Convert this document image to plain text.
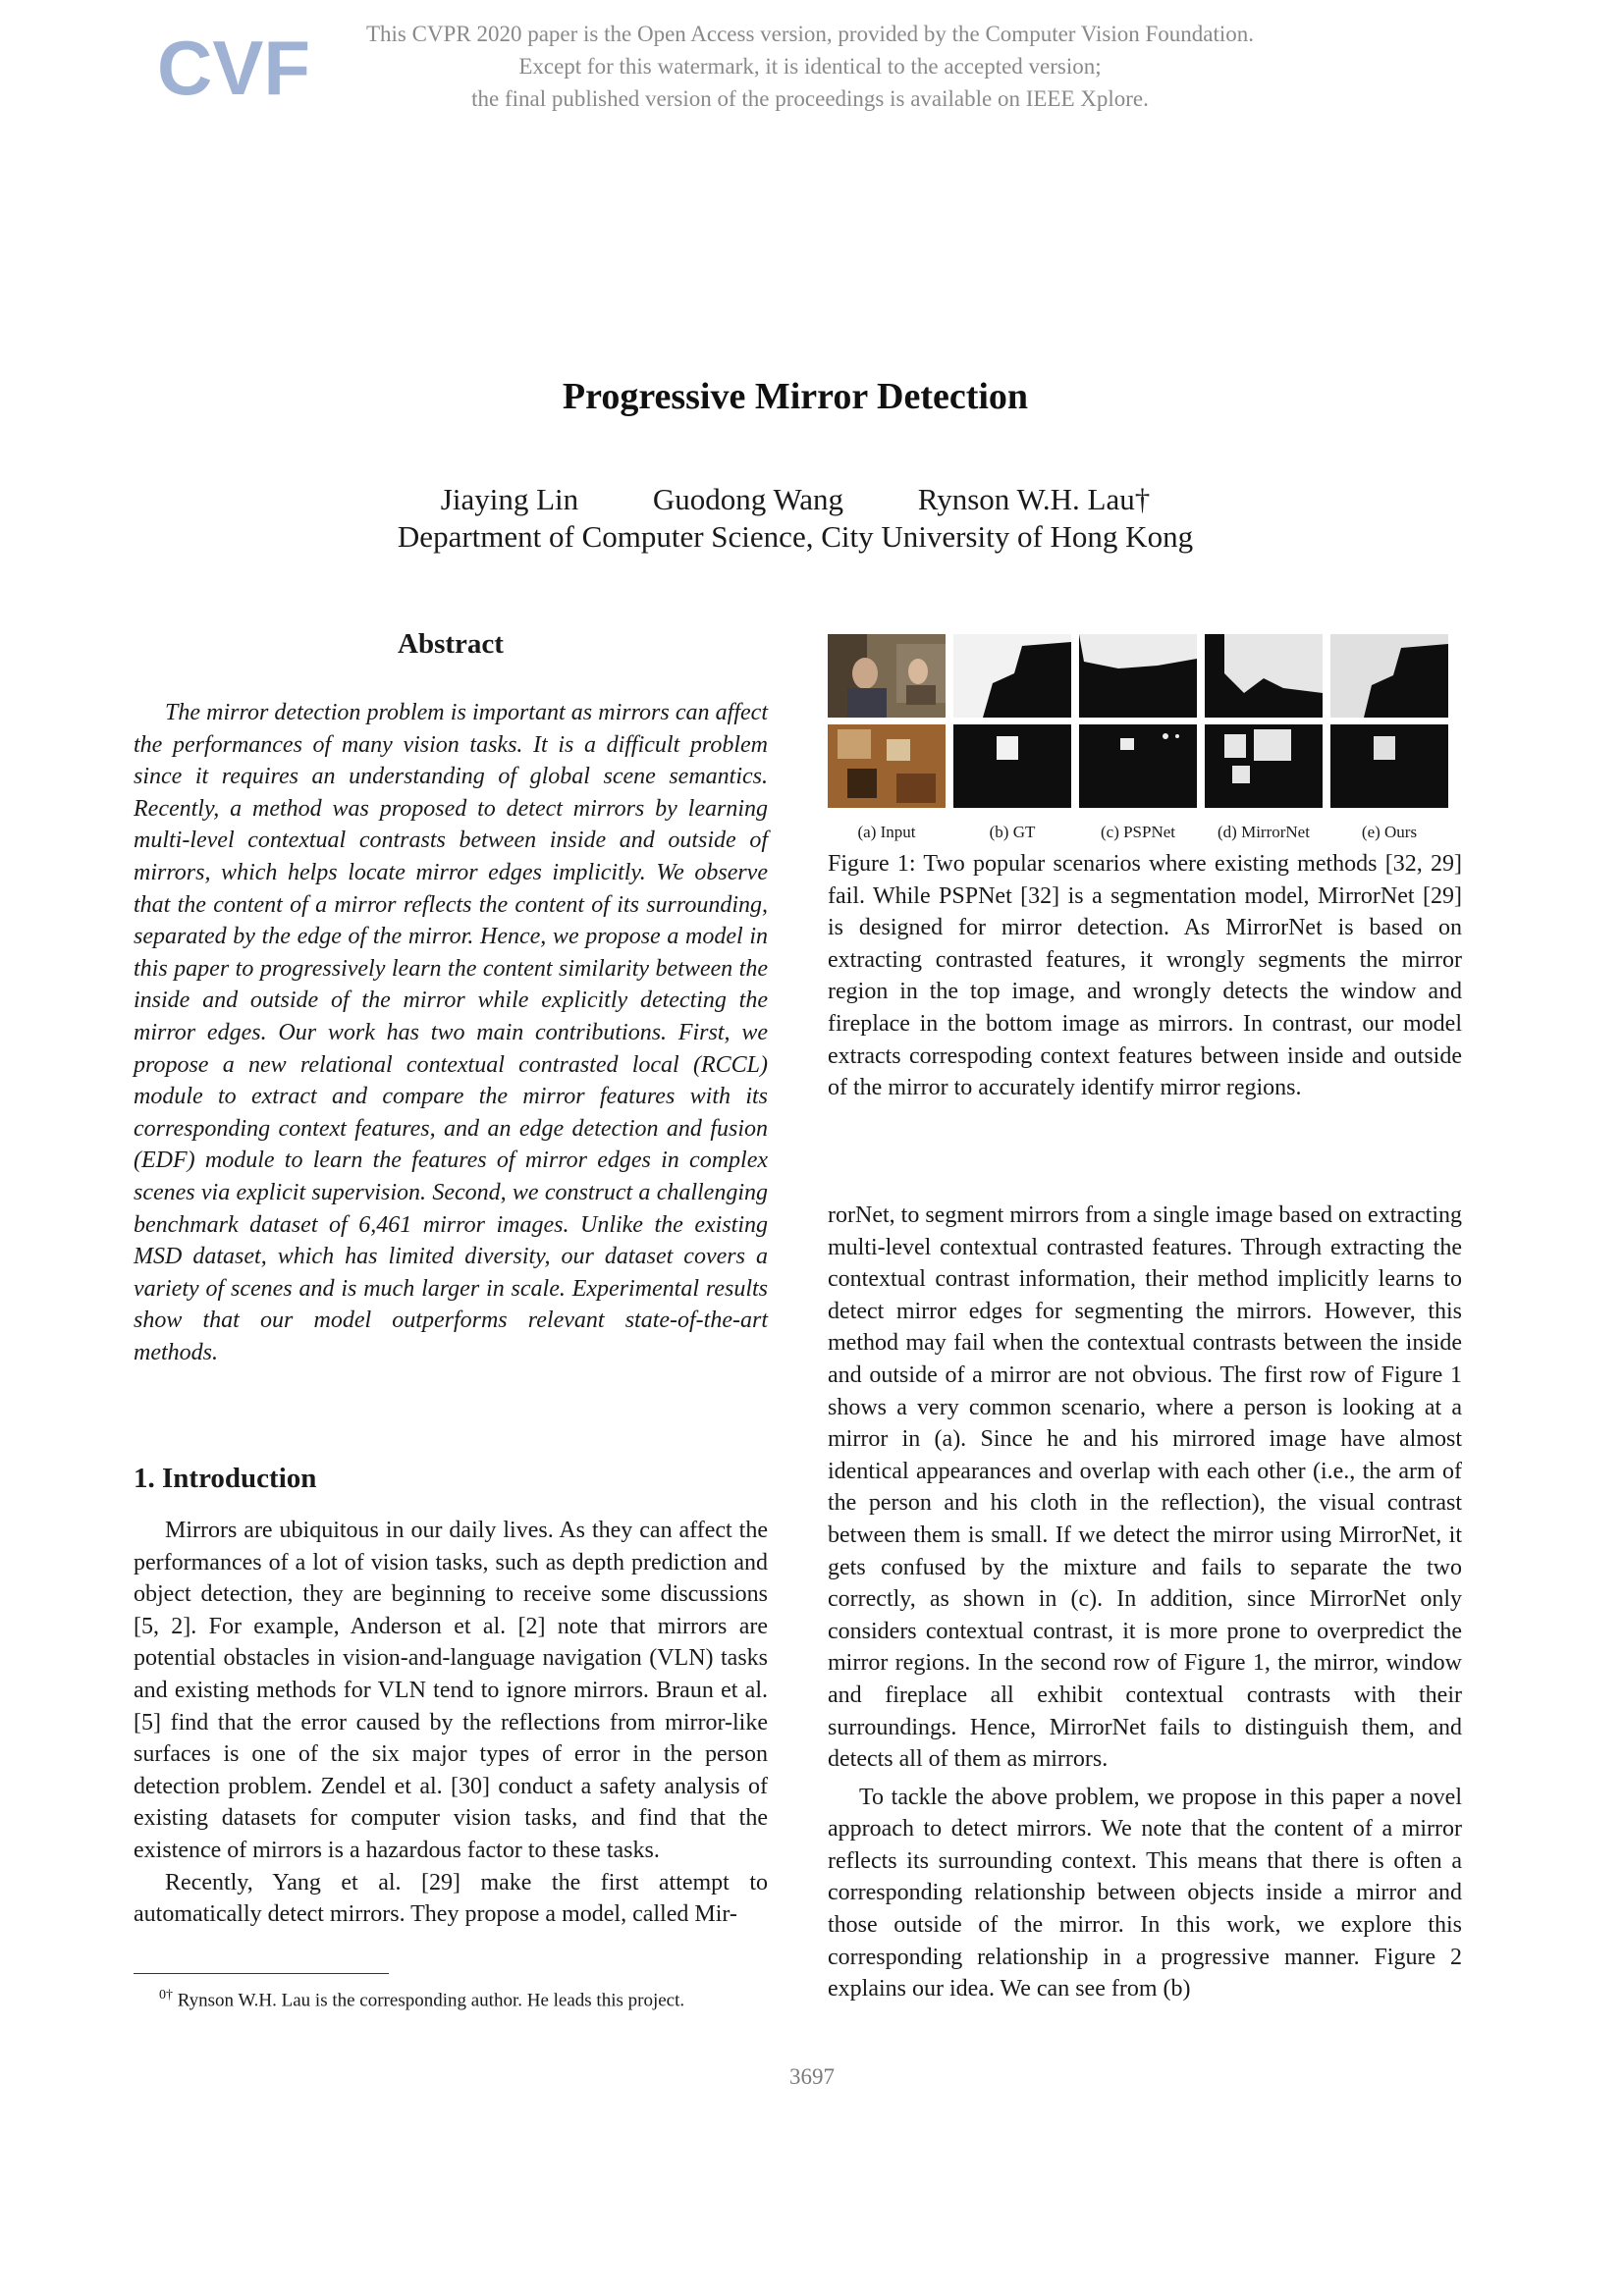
CVF	This CVPR 2020 paper is the Open Access version, provided by the Computer Vision Foundation.
Except for this watermark, it is identical to the accepted version;
the final published version of the proceedings is available on IEEE Xplore.
Progressive Mirror Detection
Jiaying Lin Guodong Wang Rynson W.H. Lau†
Department of Computer Science, City University of Hong Kong
Abstract

The mirror detection problem is important as mirrors can affect the performances of many vision tasks. It is a difficult problem since it requires an understanding of global scene semantics. Recently, a method was proposed to detect mirrors by learning multi-level contextual contrasts between inside and outside of mirrors, which helps locate mirror edges implicitly. We observe that the content of a mirror reflects the content of its surrounding, separated by the edge of the mirror. Hence, we propose a model in this paper to progressively learn the content similarity between the inside and outside of the mirror while explicitly detecting the mirror edges. Our work has two main contributions. First, we propose a new relational contextual contrasted local (RCCL) module to extract and compare the mirror features with its corresponding context features, and an edge detection and fusion (EDF) module to learn the features of mirror edges in complex scenes via explicit supervision. Second, we construct a challenging benchmark dataset of 6,461 mirror images. Unlike the existing MSD dataset, which has limited diversity, our dataset covers a variety of scenes and is much larger in scale. Experimental results show that our model outperforms relevant state-of-the-art methods.

1. Introduction

Mirrors are ubiquitous in our daily lives. As they can affect the performances of a lot of vision tasks, such as depth prediction and object detection, they are beginning to receive some discussions [5, 2]. For example, Anderson et al. [2] note that mirrors are potential obstacles in vision-and-language navigation (VLN) tasks and existing methods for VLN tend to ignore mirrors. Braun et al. [5] find that the error caused by the reflections from mirror-like surfaces is one of the six major types of error in the person detection problem. Zendel et al. [30] conduct a safety analysis of existing datasets for computer vision tasks, and find that the existence of mirrors is a hazardous factor to these tasks.

Recently, Yang et al. [29] make the first attempt to automatically detect mirrors. They propose a model, called Mir-

$^{0\dagger}$ Rynson W.H. Lau is the corresponding author. He leads this project.
(a) Input	(b) GT	(c) PSPNet	(d) MirrorNet	(e) Ours

Figure 1: Two popular scenarios where existing methods [32, 29] fail. While PSPNet [32] is a segmentation model, MirrorNet [29] is designed for mirror detection. As MirrorNet is based on extracting contrasted features, it wrongly segments the mirror region in the top image, and wrongly detects the window and fireplace in the bottom image as mirrors. In contrast, our model extracts correspoding context features between inside and outside of the mirror to accurately identify mirror regions.

rorNet, to segment mirrors from a single image based on extracting multi-level contextual contrasted features. Through extracting the contextual contrast information, their method implicitly learns to detect mirror edges for segmenting the mirrors. However, this method may fail when the contextual contrasts between the inside and outside of a mirror are not obvious. The first row of Figure 1 shows a very common scenario, where a person is looking at a mirror in (a). Since he and his mirrored image have almost identical appearances and overlap with each other (i.e., the arm of the person and his cloth in the reflection), the visual contrast between them is small. If we detect the mirror using MirrorNet, it gets confused by the mixture and fails to separate the two correctly, as shown in (c). In addition, since MirrorNet only considers contextual contrast, it is more prone to overpredict the mirror regions. In the second row of Figure 1, the mirror, window and fireplace all exhibit contextual contrasts with their surroundings. Hence, MirrorNet fails to distinguish them, and detects all of them as mirrors.

To tackle the above problem, we propose in this paper a novel approach to detect mirrors. We note that the content of a mirror reflects its surrounding context. This means that there is often a corresponding relationship between objects inside a mirror and those outside of the mirror. In this work, we explore this corresponding relationship in a progressive manner. Figure 2 explains our idea. We can see from (b)

3697
